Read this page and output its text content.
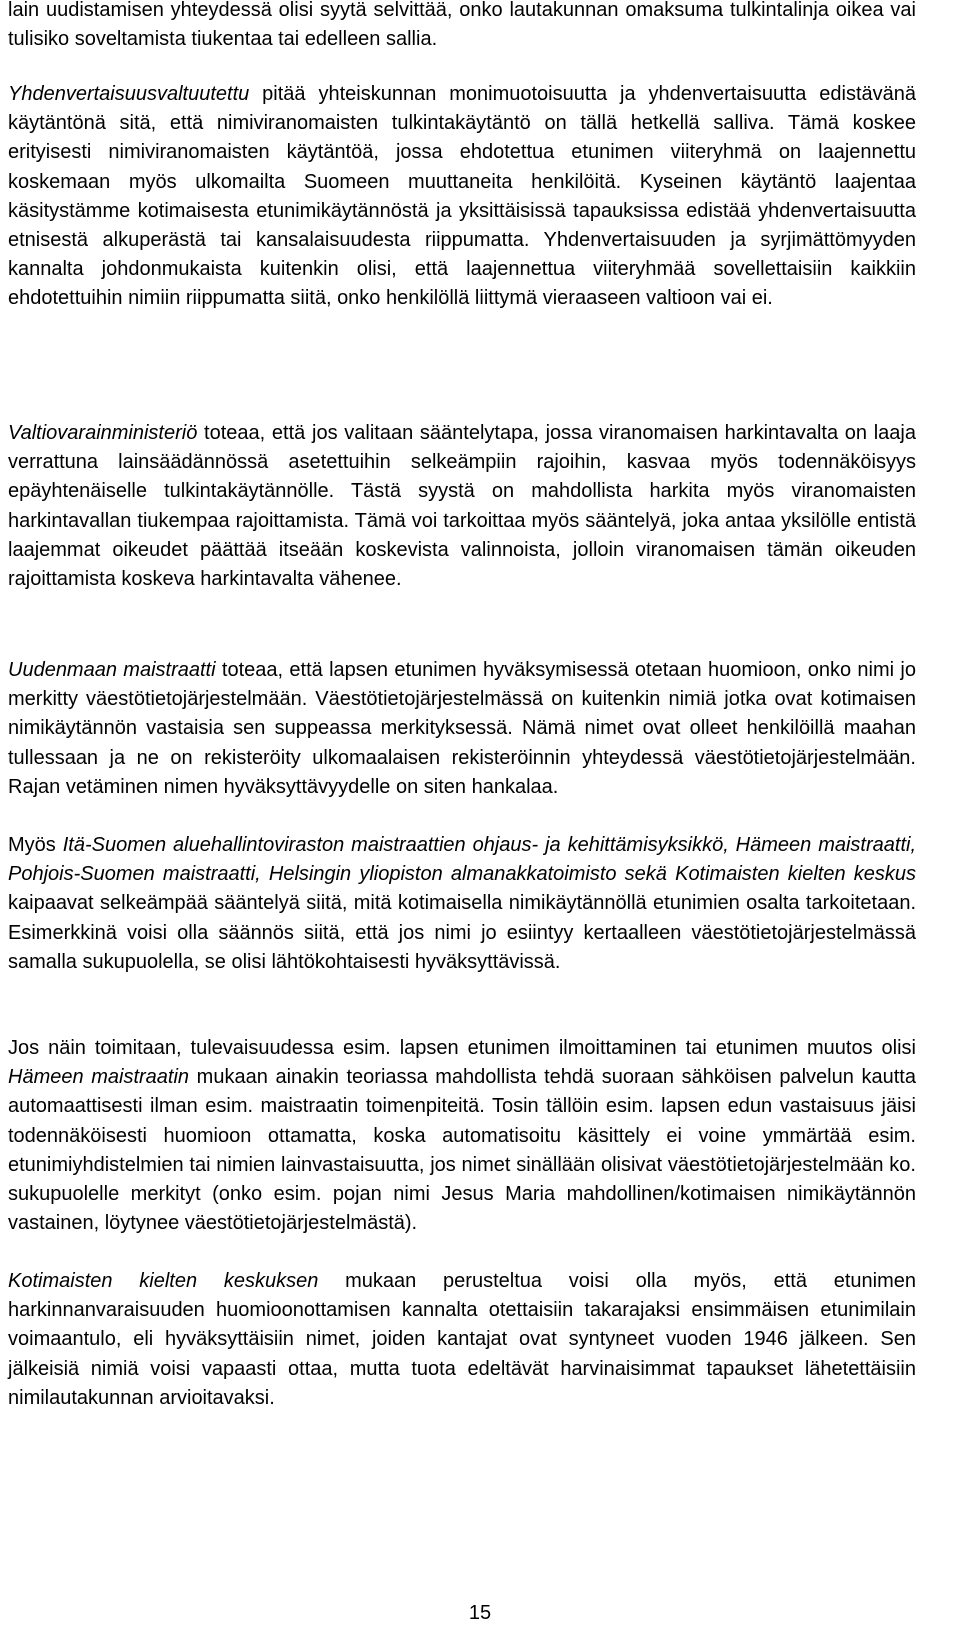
lain uudistamisen yhteydessä olisi syytä selvittää, onko lautakunnan omaksuma tulkintalinja oikea vai tulisiko soveltamista tiukentaa tai edelleen sallia.

Yhdenvertaisuusvaltuutettu pitää yhteiskunnan monimuotoisuutta ja yhdenvertaisuutta edistävänä käytäntönä sitä, että nimiviranomaisten tulkintakäytäntö on tällä hetkellä salliva. Tämä koskee erityisesti nimiviranomaisten käytäntöä, jossa ehdotettua etunimen viiteryhmä on laajennettu koskemaan myös ulkomailta Suomeen muuttaneita henkilöitä. Kyseinen käytäntö laajentaa käsitystämme kotimaisesta etunimikäytännöstä ja yksittäisissä tapauksissa edistää yhdenvertaisuutta etnisestä alkuperästä tai kansalaisuudesta riippumatta. Yhdenvertaisuuden ja syrjimättömyyden kannalta johdonmukaista kuitenkin olisi, että laajennettua viiteryhmää sovellettaisiin kaikkiin ehdotettuihin nimiin riippumatta siitä, onko henkilöllä liittymä vieraaseen valtioon vai ei.

Valtiovarainministeriö toteaa, että jos valitaan sääntelytapa, jossa viranomaisen harkintavalta on laaja verrattuna lainsäädännössä asetettuihin selkeämpiin rajoihin, kasvaa myös todennäköisyys epäyhtenäiselle tulkintakäytännölle. Tästä syystä on mahdollista harkita myös viranomaisten harkintavallan tiukempaa rajoittamista. Tämä voi tarkoittaa myös sääntelyä, joka antaa yksilölle entistä laajemmat oikeudet päättää itseään koskevista valinnoista, jolloin viranomaisen tämän oikeuden rajoittamista koskeva harkintavalta vähenee.

Uudenmaan maistraatti toteaa, että lapsen etunimen hyväksymisessä otetaan huomioon, onko nimi jo merkitty väestötietojärjestelmään. Väestötietojärjestelmässä on kuitenkin nimiä jotka ovat kotimaisen nimikäytännön vastaisia sen suppeassa merkityksessä. Nämä nimet ovat olleet henkilöillä maahan tullessaan ja ne on rekisteröity ulkomaalaisen rekisteröinnin yhteydessä väestötietojärjestelmään. Rajan vetäminen nimen hyväksyttävyydelle on siten hankalaa.

Myös Itä-Suomen aluehallintoviraston maistraattien ohjaus- ja kehittämisyksikkö, Hämeen maistraatti, Pohjois-Suomen maistraatti, Helsingin yliopiston almanakkatoimisto sekä Kotimaisten kielten keskus kaipaavat selkeämpää sääntelyä siitä, mitä kotimaisella nimikäytännöllä etunimien osalta tarkoitetaan. Esimerkkinä voisi olla säännös siitä, että jos nimi jo esiintyy kertaalleen väestötietojärjestelmässä samalla sukupuolella, se olisi lähtökohtaisesti hyväksyttävissä.

Jos näin toimitaan, tulevaisuudessa esim. lapsen etunimen ilmoittaminen tai etunimen muutos olisi Hämeen maistraatin mukaan ainakin teoriassa mahdollista tehdä suoraan sähköisen palvelun kautta automaattisesti ilman esim. maistraatin toimenpiteitä. Tosin tällöin esim. lapsen edun vastaisuus jäisi todennäköisesti huomioon ottamatta, koska automatisoitu käsittely ei voine ymmärtää esim. etunimiyhdistelmien tai nimien lainvastaisuutta, jos nimet sinällään olisivat väestötietojärjestelmään ko. sukupuolelle merkityt (onko esim. pojan nimi Jesus Maria mahdollinen/kotimaisen nimikäytännön vastainen, löytynee väestötietojärjestelmästä).

Kotimaisten kielten keskuksen mukaan perusteltua voisi olla myös, että etunimen harkinnanvaraisuuden huomioonottamisen kannalta otettaisiin takarajaksi ensimmäisen etunimilain voimaantulo, eli hyväksyttäisiin nimet, joiden kantajat ovat syntyneet vuoden 1946 jälkeen. Sen jälkeisiä nimiä voisi vapaasti ottaa, mutta tuota edeltävät harvinaisimmat tapaukset lähetettäisiin nimilautakunnan arvioitavaksi.

15
